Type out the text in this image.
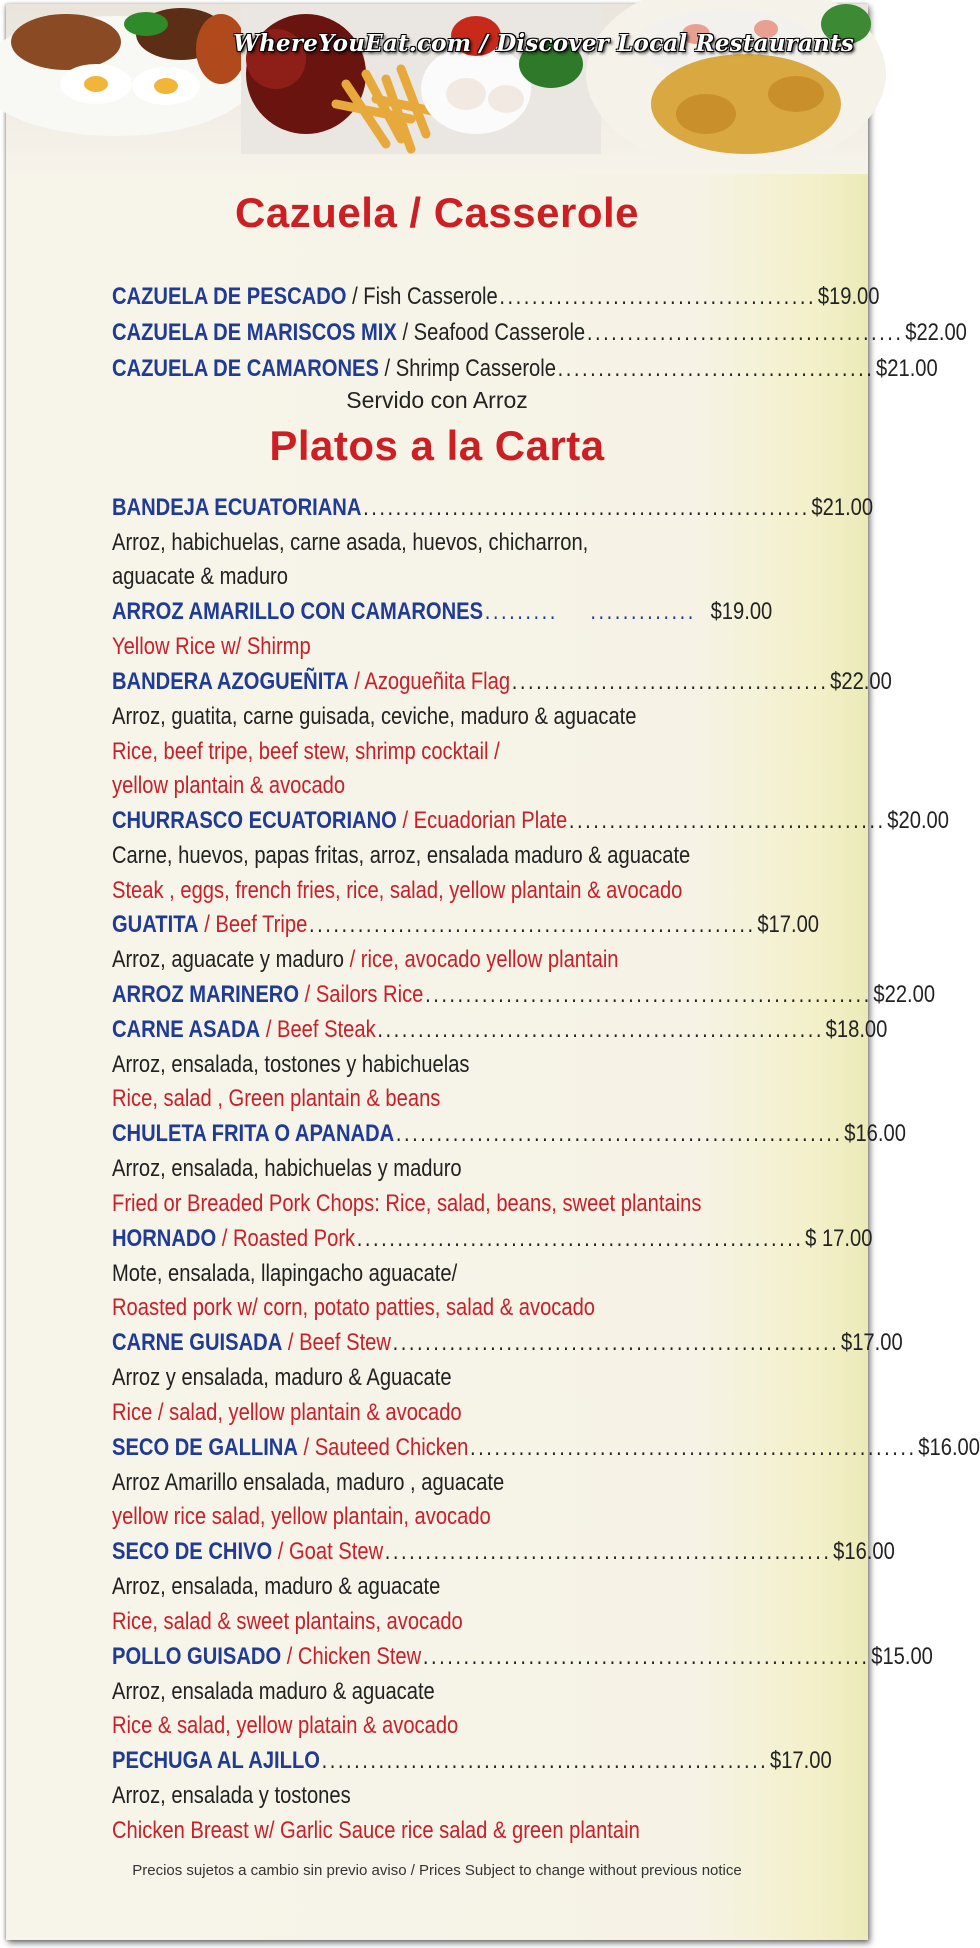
WhereYouEat.com / Discover Local Restaurants
Cazuela / Casserole
CAZUELA DE PESCADO
/ Fish Casserole ....................................... $19.00
CAZUELA DE MARISCOS MIX
/ Seafood Casserole ....................................... $22.00
CAZUELA DE CAMARONES
/ Shrimp Casserole ....................................... $21.00
Servido con Arroz
Platos a la Carta
BANDEJA ECUATORIANA ....................................................... $21.00
Arroz, habichuelas, carne asada, huevos, chicharron,
aguacate & maduro
ARROZ AMARILLO CON CAMARONES .........    ............. $19.00
Yellow Rice w/ Shirmp
BANDERA AZOGUEÑITA
/ Azogueñita Flag ....................................... $22.00
Arroz, guatita, carne guisada, ceviche, maduro & aguacate
Rice, beef tripe, beef stew, shrimp cocktail /
yellow plantain & avocado
CHURRASCO ECUATORIANO
/ Ecuadorian Plate ....................................... $20.00
Carne, huevos, papas fritas, arroz, ensalada maduro & aguacate
Steak , eggs, french fries, rice, salad, yellow plantain & avocado
GUATITA
/ Beef Tripe ....................................................... $17.00
Arroz, aguacate y maduro / rice, avocado yellow plantain
ARROZ MARINERO
/ Sailors Rice ....................................................... $22.00
CARNE ASADA
/ Beef Steak ....................................................... $18.00
Arroz, ensalada, tostones y habichuelas
Rice, salad , Green plantain & beans
CHULETA FRITA O APANADA ....................................................... $16.00
Arroz, ensalada, habichuelas y maduro
Fried or Breaded Pork Chops: Rice, salad, beans, sweet plantains
HORNADO
/ Roasted Pork ....................................................... $ 17.00
Mote, ensalada, llapingacho aguacate/
Roasted pork w/ corn, potato patties, salad & avocado
CARNE GUISADA
/ Beef Stew ....................................................... $17.00
Arroz y ensalada, maduro & Aguacate
Rice / salad, yellow plantain & avocado
SECO DE GALLINA
/ Sauteed Chicken ....................................................... $16.00
Arroz Amarillo ensalada, maduro , aguacate
yellow rice salad, yellow plantain, avocado
SECO DE CHIVO
/ Goat Stew ....................................................... $16.00
Arroz, ensalada, maduro & aguacate
Rice, salad & sweet plantains, avocado
POLLO GUISADO
/ Chicken Stew ....................................................... $15.00
Arroz, ensalada maduro & aguacate
Rice & salad, yellow platain & avocado
PECHUGA AL AJILLO ....................................................... $17.00
Arroz, ensalada y tostones
Chicken Breast w/ Garlic Sauce rice salad & green plantain
Precios sujetos a cambio sin previo aviso / Prices Subject to change without previous notice
